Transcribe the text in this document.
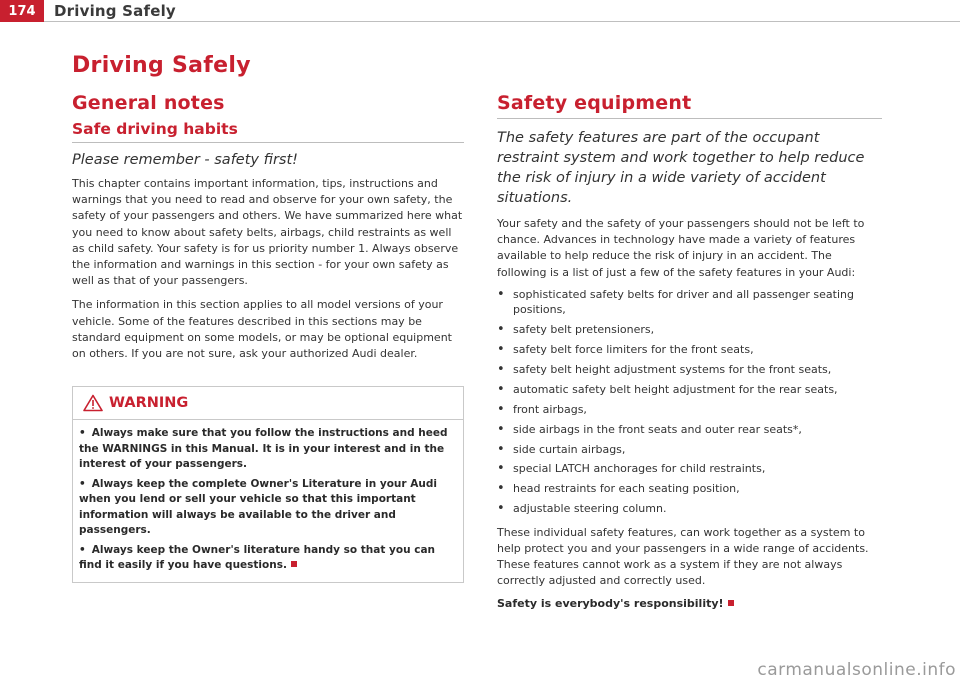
174	Driving Safely
Driving Safely
General notes
Safe driving habits
Please remember - safety first!

This chapter contains important information, tips, instructions and warnings that you need to read and observe for your own safety, the safety of your passengers and others. We have summarized here what you need to know about safety belts, airbags, child restraints as well as child safety. Your safety is for us priority number 1. Always observe the information and warnings in this section - for your own safety as well as that of your passengers.

The information in this section applies to all model versions of your vehicle. Some of the features described in this sections may be standard equipment on some models, or may be optional equipment on others. If you are not sure, ask your authorized Audi dealer.

WARNING
• Always make sure that you follow the instructions and heed the WARNINGS in this Manual. It is in your interest and in the interest of your passengers.
• Always keep the complete Owner's Literature in your Audi when you lend or sell your vehicle so that this important information will always be available to the driver and passengers.
• Always keep the Owner's literature handy so that you can find it easily if you have questions.
Safety equipment
The safety features are part of the occupant restraint system and work together to help reduce the risk of injury in a wide variety of accident situations.

Your safety and the safety of your passengers should not be left to chance. Advances in technology have made a variety of features available to help reduce the risk of injury in an accident. The following is a list of just a few of the safety features in your Audi:

• sophisticated safety belts for driver and all passenger seating positions,
• safety belt pretensioners,
• safety belt force limiters for the front seats,
• safety belt height adjustment systems for the front seats,
• automatic safety belt height adjustment for the rear seats,
• front airbags,
• side airbags in the front seats and outer rear seats*,
• side curtain airbags,
• special LATCH anchorages for child restraints,
• head restraints for each seating position,
• adjustable steering column.

These individual safety features, can work together as a system to help protect you and your passengers in a wide range of accidents. These features cannot work as a system if they are not always correctly adjusted and correctly used.

Safety is everybody's responsibility!
carmanualsonline.info
